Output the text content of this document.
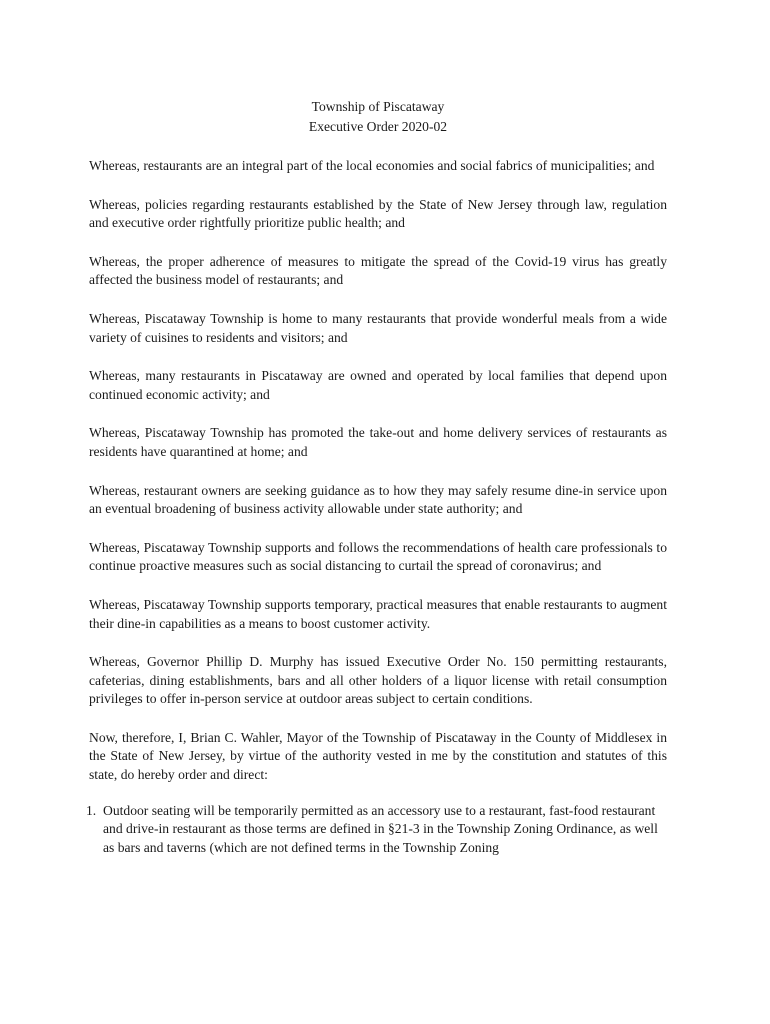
Township of Piscataway
Executive Order 2020-02

Whereas, restaurants are an integral part of the local economies and social fabrics of municipalities; and

Whereas, policies regarding restaurants established by the State of New Jersey through law, regulation and executive order rightfully prioritize public health; and

Whereas, the proper adherence of measures to mitigate the spread of the Covid-19 virus has greatly affected the business model of restaurants; and

Whereas, Piscataway Township is home to many restaurants that provide wonderful meals from a wide variety of cuisines to residents and visitors; and

Whereas, many restaurants in Piscataway are owned and operated by local families that depend upon continued economic activity; and

Whereas, Piscataway Township has promoted the take-out and home delivery services of restaurants as residents have quarantined at home; and

Whereas, restaurant owners are seeking guidance as to how they may safely resume dine-in service upon an eventual broadening of business activity allowable under state authority; and

Whereas, Piscataway Township supports and follows the recommendations of health care professionals to continue proactive measures such as social distancing to curtail the spread of coronavirus; and

Whereas, Piscataway Township supports temporary, practical measures that enable restaurants to augment their dine-in capabilities as a means to boost customer activity.

Whereas, Governor Phillip D. Murphy has issued Executive Order No. 150 permitting restaurants, cafeterias, dining establishments, bars and all other holders of a liquor license with retail consumption privileges to offer in-person service at outdoor areas subject to certain conditions.

Now, therefore, I, Brian C. Wahler, Mayor of the Township of Piscataway in the County of Middlesex in the State of New Jersey, by virtue of the authority vested in me by the constitution and statutes of this state, do hereby order and direct:

1. Outdoor seating will be temporarily permitted as an accessory use to a restaurant, fast-food restaurant and drive-in restaurant as those terms are defined in §21-3 in the Township Zoning Ordinance, as well as bars and taverns (which are not defined terms in the Township Zoning
